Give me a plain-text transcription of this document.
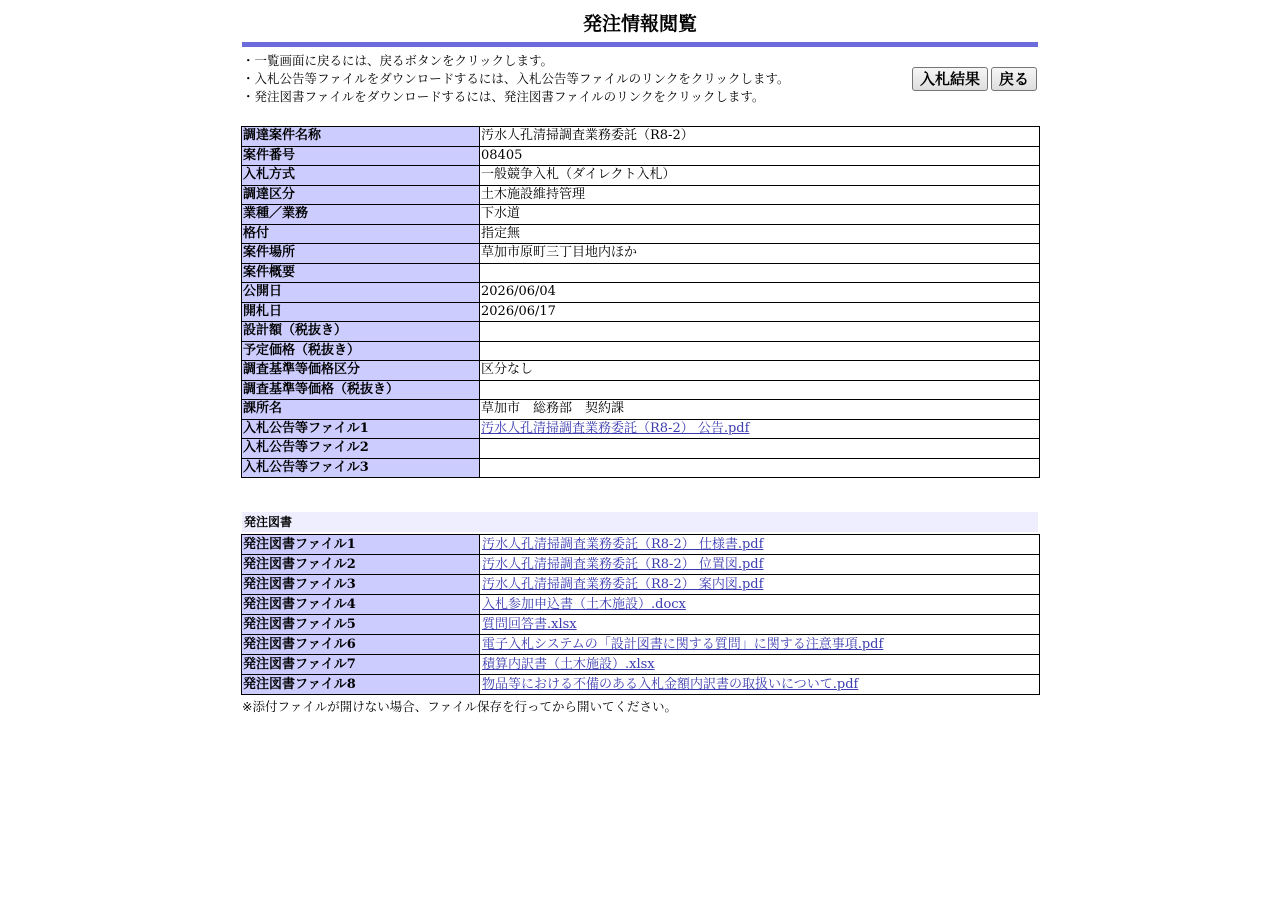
発注情報閲覧
・一覧画面に戻るには、戻るボタンをクリックします。
・入札公告等ファイルをダウンロードするには、入札公告等ファイルのリンクをクリックします。
・発注図書ファイルをダウンロードするには、発注図書ファイルのリンクをクリックします。
入札結果	戻る
調達案件名称	汚水人孔清掃調査業務委託（R8-2）
案件番号	08405
入札方式	一般競争入札（ダイレクト入札）
調達区分	土木施設維持管理
業種／業務	下水道
格付	指定無
案件場所	草加市原町三丁目地内ほか
案件概要	
公開日	2026/06/04
開札日	2026/06/17
設計額（税抜き）	
予定価格（税抜き）	
調査基準等価格区分	区分なし
調査基準等価格（税抜き）	
課所名	草加市　総務部　契約課
入札公告等ファイル1	汚水人孔清掃調査業務委託（R8-2） 公告.pdf
入札公告等ファイル2	
入札公告等ファイル3	
発注図書
発注図書ファイル1	汚水人孔清掃調査業務委託（R8-2） 仕様書.pdf
発注図書ファイル2	汚水人孔清掃調査業務委託（R8-2） 位置図.pdf
発注図書ファイル3	汚水人孔清掃調査業務委託（R8-2） 案内図.pdf
発注図書ファイル4	入札参加申込書（土木施設）.docx
発注図書ファイル5	質問回答書.xlsx
発注図書ファイル6	電子入札システムの「設計図書に関する質問」に関する注意事項.pdf
発注図書ファイル7	積算内訳書（土木施設）.xlsx
発注図書ファイル8	物品等における不備のある入札金額内訳書の取扱いについて.pdf
※添付ファイルが開けない場合、ファイル保存を行ってから開いてください。
